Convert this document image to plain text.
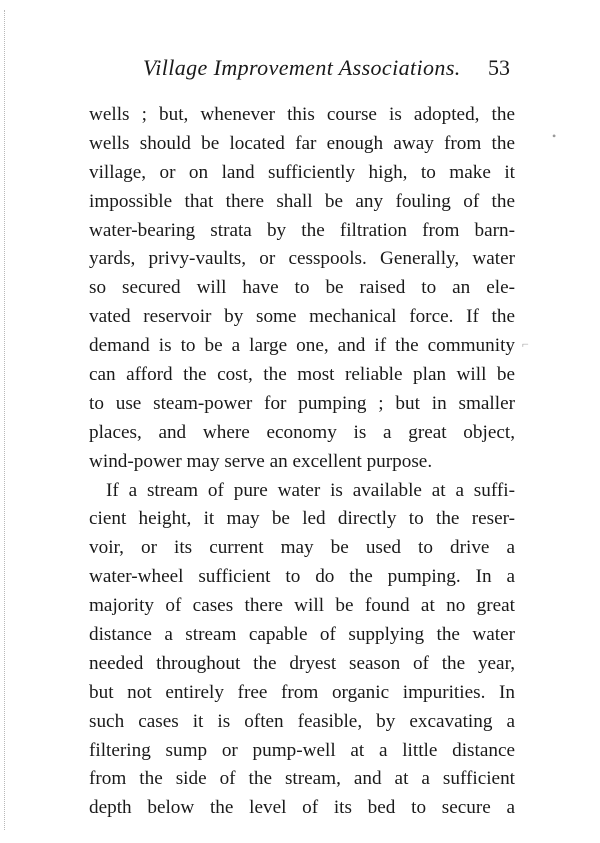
Village Improvement Associations. 53
•
⌐
wells ; but, whenever this course is adopted, the
wells should be located far enough away from the
village, or on land sufficiently high, to make it
impossible that there shall be any fouling of the
water-bearing strata by the filtration from barn-
yards, privy-vaults, or cesspools. Generally, water
so secured will have to be raised to an ele-
vated reservoir by some mechanical force. If the
demand is to be a large one, and if the community
can afford the cost, the most reliable plan will be
to use steam-power for pumping ; but in smaller
places, and where economy is a great object,
wind-power may serve an excellent purpose.
If a stream of pure water is available at a suffi-
cient height, it may be led directly to the reser-
voir, or its current may be used to drive a
water-wheel sufficient to do the pumping. In a
majority of cases there will be found at no great
distance a stream capable of supplying the water
needed throughout the dryest season of the year,
but not entirely free from organic impurities. In
such cases it is often feasible, by excavating a
filtering sump or pump-well at a little distance
from the side of the stream, and at a sufficient
depth below the level of its bed to secure a
